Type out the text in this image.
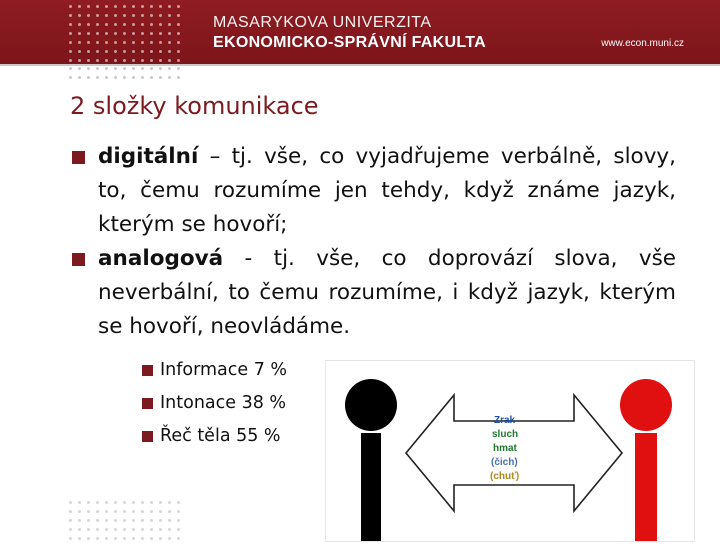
MASARYKOVA UNIVERZITA
EKONOMICKO-SPRÁVNÍ FAKULTA	www.econ.muni.cz
2 složky komunikace
digitální – tj. vše, co vyjadřujeme verbálně, slovy, to, čemu rozumíme jen tehdy, když známe jazyk, kterým se hovoří;
analogová - tj. vše, co doprovází slova, vše neverbální, to čemu rozumíme, i když jazyk, kterým se hovoří, neovládáme.
Informace 7 %
Intonace 38 %
Řeč těla 55 %
Zrak
sluch
hmat
(čich)
(chuť)
